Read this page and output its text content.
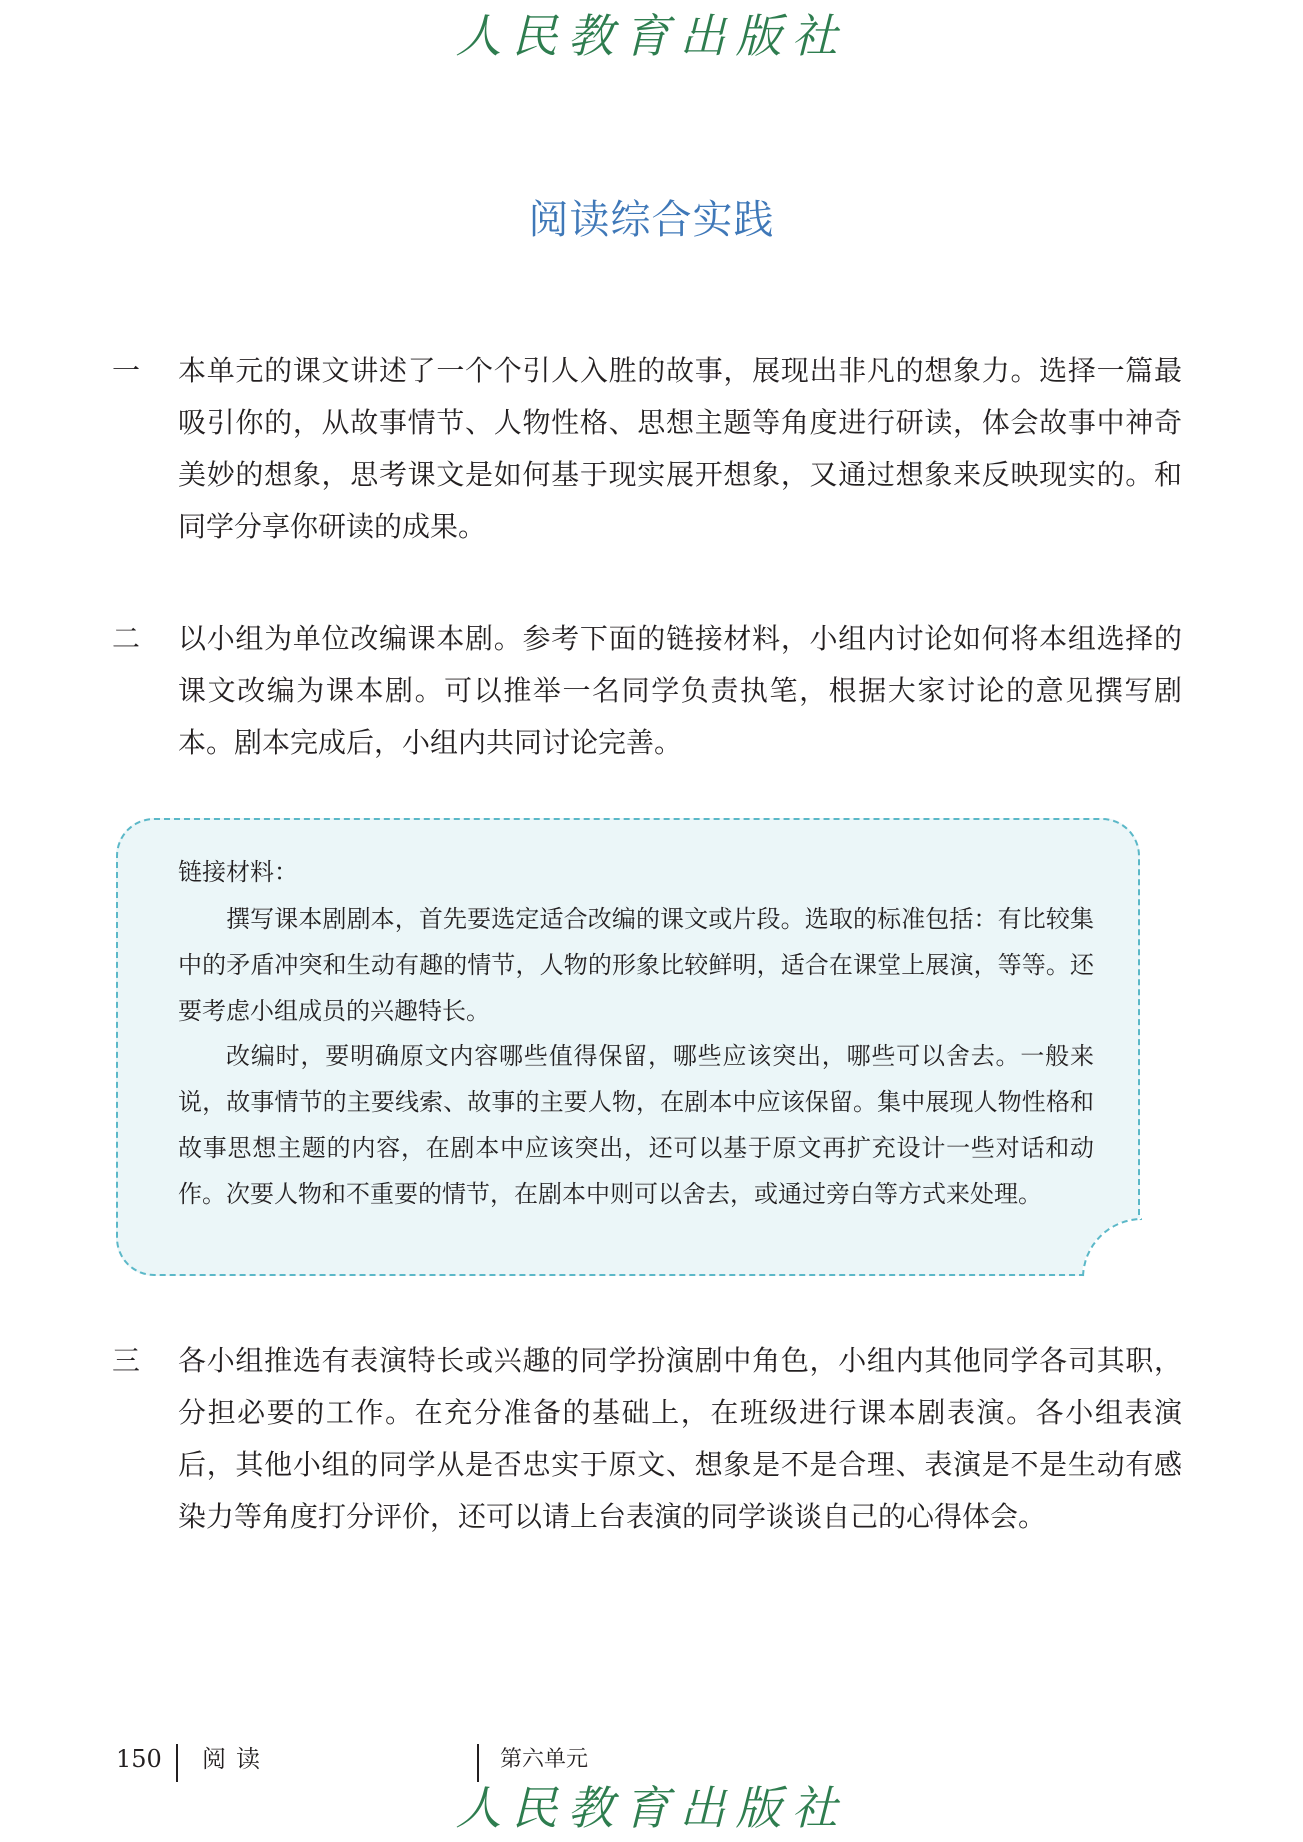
人民教育出版社
阅读综合实践
一	本单元的课文讲述了一个个引人入胜的故事，展现出非凡的想象力。选择一篇最吸引你的，从故事情节、人物性格、思想主题等角度进行研读，体会故事中神奇美妙的想象，思考课文是如何基于现实展开想象，又通过想象来反映现实的。和同学分享你研读的成果。
二	以小组为单位改编课本剧。参考下面的链接材料，小组内讨论如何将本组选择的课文改编为课本剧。可以推举一名同学负责执笔，根据大家讨论的意见撰写剧本。剧本完成后，小组内共同讨论完善。
链接材料：
撰写课本剧剧本，首先要选定适合改编的课文或片段。选取的标准包括：有比较集中的矛盾冲突和生动有趣的情节，人物的形象比较鲜明，适合在课堂上展演，等等。还要考虑小组成员的兴趣特长。
改编时，要明确原文内容哪些值得保留，哪些应该突出，哪些可以舍去。一般来说，故事情节的主要线索、故事的主要人物，在剧本中应该保留。集中展现人物性格和故事思想主题的内容，在剧本中应该突出，还可以基于原文再扩充设计一些对话和动作。次要人物和不重要的情节，在剧本中则可以舍去，或通过旁白等方式来处理。
三	各小组推选有表演特长或兴趣的同学扮演剧中角色，小组内其他同学各司其职，分担必要的工作。在充分准备的基础上，在班级进行课本剧表演。各小组表演后，其他小组的同学从是否忠实于原文、想象是不是合理、表演是不是生动有感染力等角度打分评价，还可以请上台表演的同学谈谈自己的心得体会。
150 阅读	第六单元
人民教育出版社
